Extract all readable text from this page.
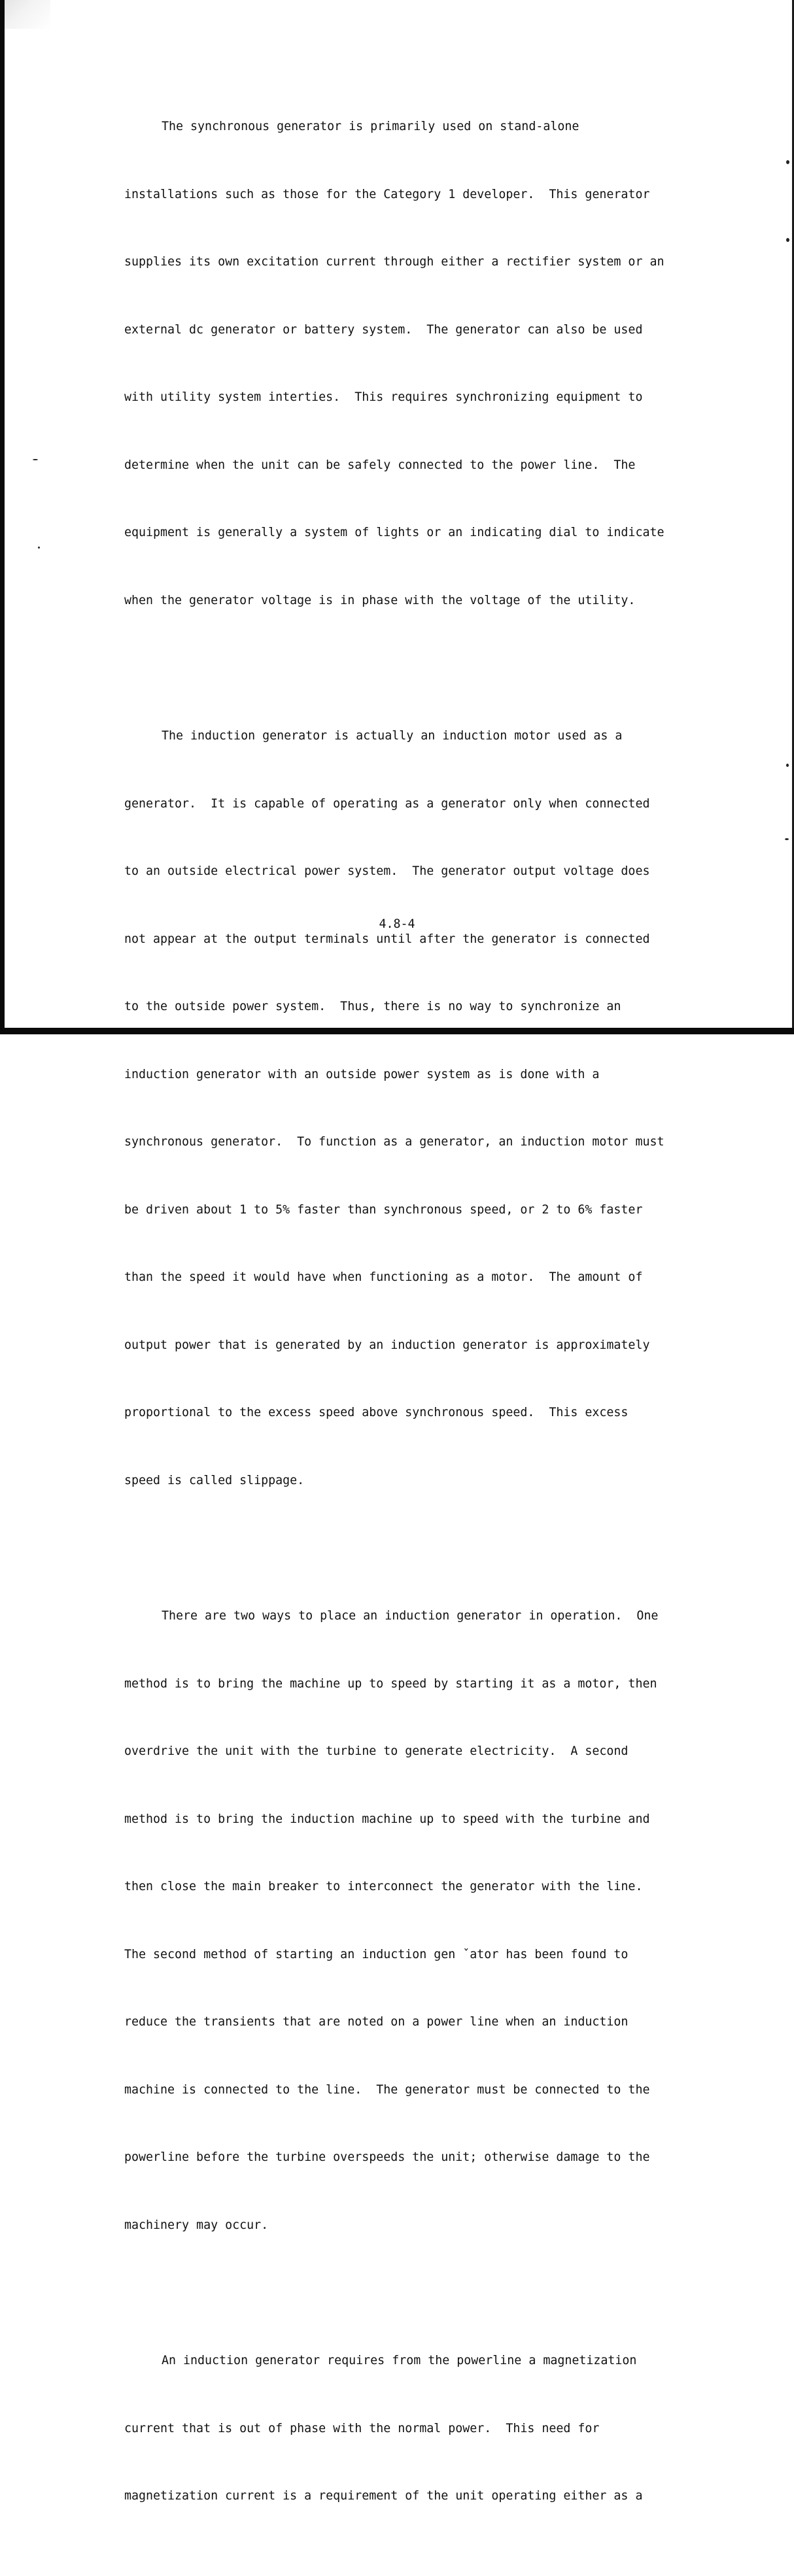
The synchronous generator is primarily used on stand-alone

installations such as those for the Category 1 developer.  This generator

supplies its own excitation current through either a rectifier system or an

external dc generator or battery system.  The generator can also be used

with utility system interties.  This requires synchronizing equipment to

determine when the unit can be safely connected to the power line.  The

equipment is generally a system of lights or an indicating dial to indicate

when the generator voltage is in phase with the voltage of the utility.

The induction generator is actually an induction motor used as a

generator.  It is capable of operating as a generator only when connected

to an outside electrical power system.  The generator output voltage does

not appear at the output terminals until after the generator is connected

to the outside power system.  Thus, there is no way to synchronize an

induction generator with an outside power system as is done with a

synchronous generator.  To function as a generator, an induction motor must

be driven about 1 to 5% faster than synchronous speed, or 2 to 6% faster

than the speed it would have when functioning as a motor.  The amount of

output power that is generated by an induction generator is approximately

proportional to the excess speed above synchronous speed.  This excess

speed is called slippage.

There are two ways to place an induction generator in operation.  One

method is to bring the machine up to speed by starting it as a motor, then

overdrive the unit with the turbine to generate electricity.  A second

method is to bring the induction machine up to speed with the turbine and

then close the main breaker to interconnect the generator with the line.

The second method of starting an induction gen ˇator has been found to

reduce the transients that are noted on a power line when an induction

machine is connected to the line.  The generator must be connected to the

powerline before the turbine overspeeds the unit; otherwise damage to the

machinery may occur.

An induction generator requires from the powerline a magnetization

current that is out of phase with the normal power.  This need for

magnetization current is a requirement of the unit operating either as a

4.8-4
